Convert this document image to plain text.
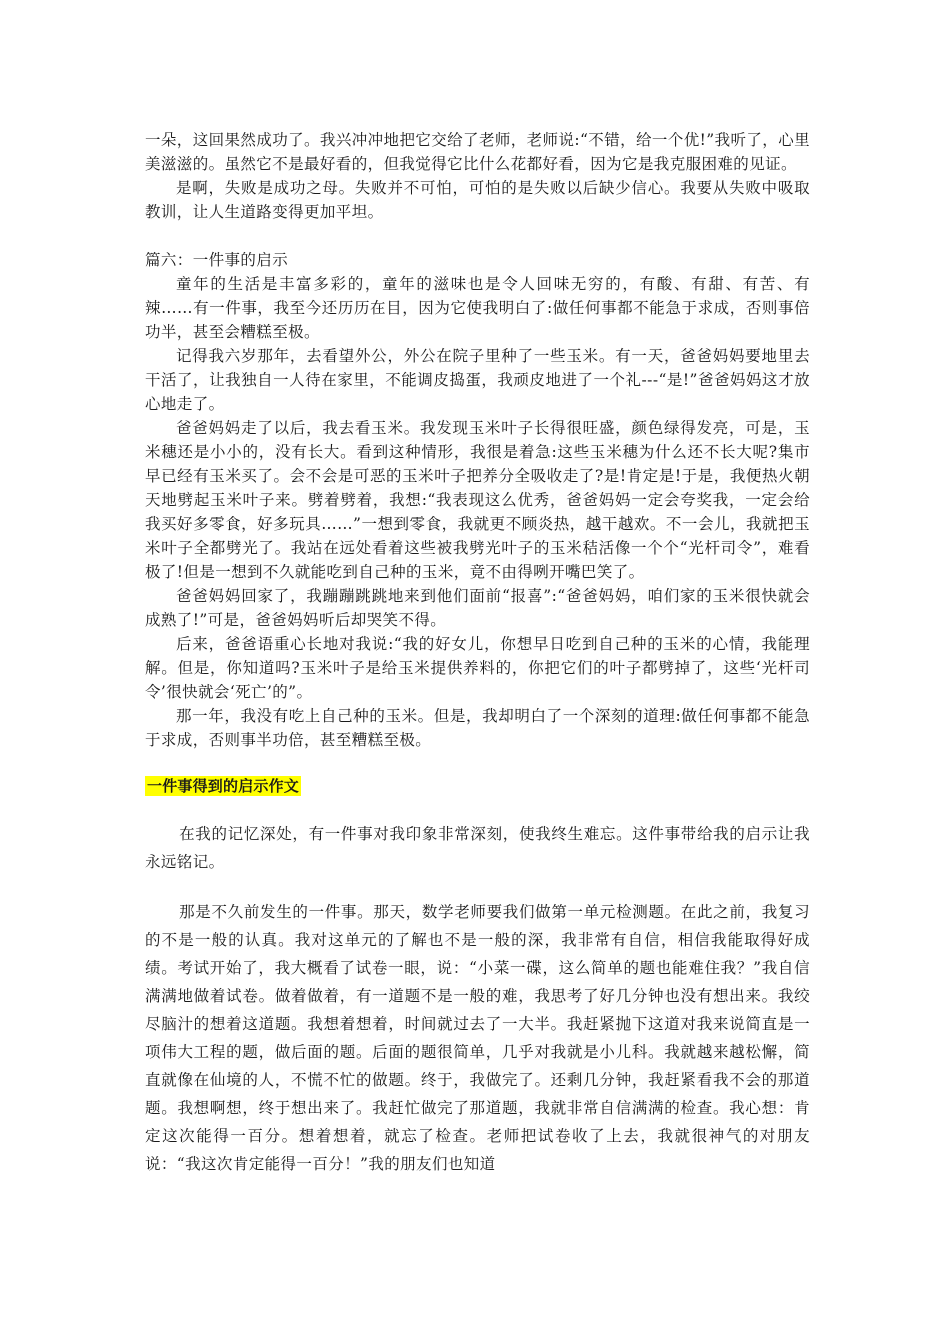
一朵，这回果然成功了。我兴冲冲地把它交给了老师，老师说:“不错，给一个优!”我听了，心里美滋滋的。虽然它不是最好看的，但我觉得它比什么花都好看，因为它是我克服困难的见证。

是啊，失败是成功之母。失败并不可怕，可怕的是失败以后缺少信心。我要从失败中吸取教训，让人生道路变得更加平坦。

篇六：一件事的启示

童年的生活是丰富多彩的，童年的滋味也是令人回味无穷的，有酸、有甜、有苦、有辣……有一件事，我至今还历历在目，因为它使我明白了:做任何事都不能急于求成，否则事倍功半，甚至会糟糕至极。

记得我六岁那年，去看望外公，外公在院子里种了一些玉米。有一天，爸爸妈妈要地里去干活了，让我独自一人待在家里，不能调皮捣蛋，我顽皮地进了一个礼---“是!”爸爸妈妈这才放心地走了。

爸爸妈妈走了以后，我去看玉米。我发现玉米叶子长得很旺盛，颜色绿得发亮，可是，玉米穗还是小小的，没有长大。看到这种情形，我很是着急:这些玉米穗为什么还不长大呢?集市早已经有玉米买了。会不会是可恶的玉米叶子把养分全吸收走了?是!肯定是!于是，我便热火朝天地劈起玉米叶子来。劈着劈着，我想:“我表现这么优秀，爸爸妈妈一定会夸奖我，一定会给我买好多零食，好多玩具……”一想到零食，我就更不顾炎热，越干越欢。不一会儿，我就把玉米叶子全都劈光了。我站在远处看着这些被我劈光叶子的玉米秸活像一个个“光杆司令”，难看极了!但是一想到不久就能吃到自己种的玉米，竟不由得咧开嘴巴笑了。

爸爸妈妈回家了，我蹦蹦跳跳地来到他们面前“报喜”:“爸爸妈妈，咱们家的玉米很快就会成熟了!”可是，爸爸妈妈听后却哭笑不得。

后来，爸爸语重心长地对我说:“我的好女儿，你想早日吃到自己种的玉米的心情，我能理解。但是，你知道吗?玉米叶子是给玉米提供养料的，你把它们的叶子都劈掉了，这些‘光杆司令’很快就会‘死亡’的”。

那一年，我没有吃上自己种的玉米。但是，我却明白了一个深刻的道理:做任何事都不能急于求成，否则事半功倍，甚至糟糕至极。

一件事得到的启示作文

在我的记忆深处，有一件事对我印象非常深刻，使我终生难忘。这件事带给我的启示让我永远铭记。

那是不久前发生的一件事。那天，数学老师要我们做第一单元检测题。在此之前，我复习的不是一般的认真。我对这单元的了解也不是一般的深，我非常有自信，相信我能取得好成绩。考试开始了，我大概看了试卷一眼，说：“小菜一碟，这么简单的题也能难住我？”我自信满满地做着试卷。做着做着，有一道题不是一般的难，我思考了好几分钟也没有想出来。我绞尽脑汁的想着这道题。我想着想着，时间就过去了一大半。我赶紧抛下这道对我来说简直是一项伟大工程的题，做后面的题。后面的题很简单，几乎对我就是小儿科。我就越来越松懈，简直就像在仙境的人，不慌不忙的做题。终于，我做完了。还剩几分钟，我赶紧看我不会的那道题。我想啊想，终于想出来了。我赶忙做完了那道题，我就非常自信满满的检查。我心想：肯定这次能得一百分。想着想着，就忘了检查。老师把试卷收了上去，我就很神气的对朋友说：“我这次肯定能得一百分！”我的朋友们也知道
